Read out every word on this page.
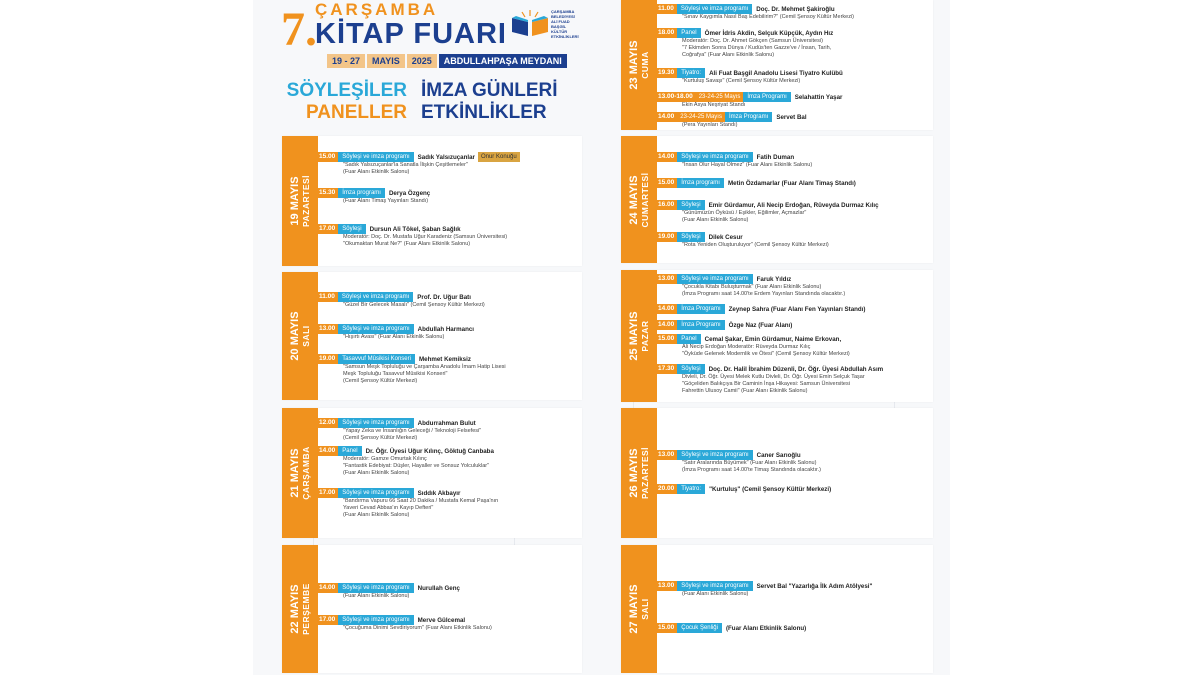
7.
ÇARŞAMBA
KİTAP FUARI
ÇARŞAMBA BELEDİYESİ ALİ FUAD BAŞGİL KÜLTÜR ETKİNLİKLERİ
19 - 27	MAYIS	2025	ABDULLAHPAŞA MEYDANI
SÖYLEŞİLER
PANELLER
İMZA GÜNLERİ
ETKİNLİKLER
19 MAYIS PAZARTESİ
15.00	Söyleşi ve imza programı	Sadık Yalsızuçanlar	Onur Konuğu
"Sadık Yalsızuçanlar'la Sanatla İlişkin Çeşitlemeler"
(Fuar Alanı Etkinlik Salonu)
15.30	İmza programı	Derya Özgenç
(Fuar Alanı Timaş Yayınları Standı)
17.00	Söyleşi	Dursun Ali Tökel, Şaban Sağlık
Moderatör: Doç. Dr. Mustafa Uğur Karadeniz (Samsun Üniversitesi)
"Okumaktan Murat Ne?" (Fuar Alanı Etkinlik Salonu)
20 MAYIS SALI
11.00	Söyleşi ve imza programı	Prof. Dr. Uğur Batı
"Güzel Bir Gelecek Masalı" (Cemil Şensoy Kültür Merkezi)
13.00	Söyleşi ve imza programı	Abdullah Harmancı
"Hışırtı Avası" (Fuar Alanı Etkinlik Salonu)
19.00	Tasavvuf Mûsikisi Konseri	Mehmet Kemiksiz
"Samsun Meşk Topluluğu ve Çarşamba Anadolu İmam Hatip Lisesi
Meşk Topluluğu Tasavvuf Mûsikisi Konseri"
(Cemil Şensoy Kültür Merkezi)
21 MAYIS ÇARŞAMBA
12.00	Söyleşi ve imza programı	Abdurrahman Bulut
"Yapay Zeka ve İnsanlığın Geleceği / Teknoloji Felsefesi"
(Cemil Şensoy Kültür Merkezi)
14.00	Panel	Dr. Öğr. Üyesi Uğur Kılınç, Göktuğ Canbaba
Moderatör: Gamze Omurtak Kılınç
"Fantastik Edebiyat: Düşler, Hayaller ve Sonsuz Yolculuklar"
(Fuar Alanı Etkinlik Salonu)
17.00	Söyleşi ve imza programı	Sıddık Akbayır
"Bandırma Vapuru 66 Saat 20 Dakika / Mustafa Kemal Paşa'nın
Yaveri Cevad Abbas'ın Kayıp Defteri"
(Fuar Alanı Etkinlik Salonu)
22 MAYIS PERŞEMBE	14.00	Söyleşi ve imza programı	Nurullah Genç
(Fuar Alanı Etkinlik Salonu)
17.00	Söyleşi ve imza programı	Merve Gülcemal
"Çocuğuma Dinimi Sevdiriyorum" (Fuar Alanı Etkinlik Salonu)
23 MAYIS CUMA
11.00	Söyleşi ve imza programı	Doç. Dr. Mehmet Şakiroğlu
"Sınav Kaygımla Nasıl Baş Edebilirim?" (Cemil Şensoy Kültür Merkezi)
18.00	Panel	Ömer İdris Akdin, Selçuk Küpçük, Aydın Hız
Moderatör: Doç. Dr. Ahmet Gökçen (Samsun Üniversitesi)
"7 Ekimden Sonra Dünya / Kudüs'ten Gazze've / İnsan, Tarih,
Coğrafya" (Fuar Alanı Etkinlik Salonu)
19.30	Tiyatro:	Ali Fuat Başgil Anadolu Lisesi Tiyatro Kulübü
"Kurtuluş Savaşı" (Cemil Şensoy Kültür Merkezi)
13.00-18.00	23-24-25 Mayıs	İmza Programı	Selahattin Yaşar
Ekin Asya Neşriyat Standı
14.00	23-24-25 Mayıs	İmza Programı	Servet Bal
(Pera Yayınları Standı)
24 MAYIS CUMARTESİ
14.00	Söyleşi ve imza programı	Fatih Duman
"İnsan Olur Hayal Olmez" (Fuar Alanı Etkinlik Salonu)
15.00	İmza programı	Metin Özdamarlar (Fuar Alanı Timaş Standı)
16.00	Söyleşi	Emir Gürdamur, Ali Necip Erdoğan, Rüveyda Durmaz Kılıç
"Günümüzün Öyküsü / Eşikler, Eğilimler, Açmazlar"
(Fuar Alanı Etkinlik Salonu)
19.00	Söyleşi	Dilek Cesur
"Rota Yeniden Oluşturuluyor" (Cemil Şensoy Kültür Merkezi)
25 MAYIS PAZAR
13.00	Söyleşi ve imza programı	Faruk Yıldız
"Çocukla Kitabı Buluşturmak" (Fuar Alanı Etkinlik Salonu)
(İmza Programı saat 14.00'te Erdem Yayınları Standında olacaktır.)
14.00	İmza Programı	Zeynep Sahra (Fuar Alanı Fen Yayınları Standı)
14.00	İmza Programı	Özge Naz (Fuar Alanı)
15.00	Panel	Cemal Şakar, Emin Gürdamur, Naime Erkovan,
Ali Necip Erdoğan Moderatör: Rüveyda Durmaz Kılıç
"Öyküde Gelenek Modernlik ve Ötesi" (Cemil Şensoy Kültür Merkezi)
17.30	Söyleşi	Doç. Dr. Halil İbrahim Düzenli, Dr. Öğr. Üyesi Abdullah Asım
Divleli, Dr. Öğr. Üyesi Melek Kutlu Divleli, Dr. Öğr. Üyesi Emin Selçuk Taşar
"Göçeliden Balıkçıya Bir Caminin İnşa Hikayesi: Samsun Üniversitesi
Fahrettin Ulusoy Camii" (Fuar Alanı Etkinlik Salonu)
26 MAYIS PAZARTESİ	13.00	Söyleşi ve imza programı	Caner Sarıoğlu
"Satır Aralarında Büyümek" (Fuar Alanı Etkinlik Salonu)
(İmza Programı saat 14.00'te Timaş Standında olacaktır.)
20.00	Tiyatro:	"Kurtuluş" (Cemil Şensoy Kültür Merkezi)
27 MAYIS SALI
13.00	Söyleşi ve imza programı	Servet Bal "Yazarlığa İlk Adım Atölyesi"
(Fuar Alanı Etkinlik Salonu)
15.00	Çocuk Şenliği	(Fuar Alanı Etkinlik Salonu)
